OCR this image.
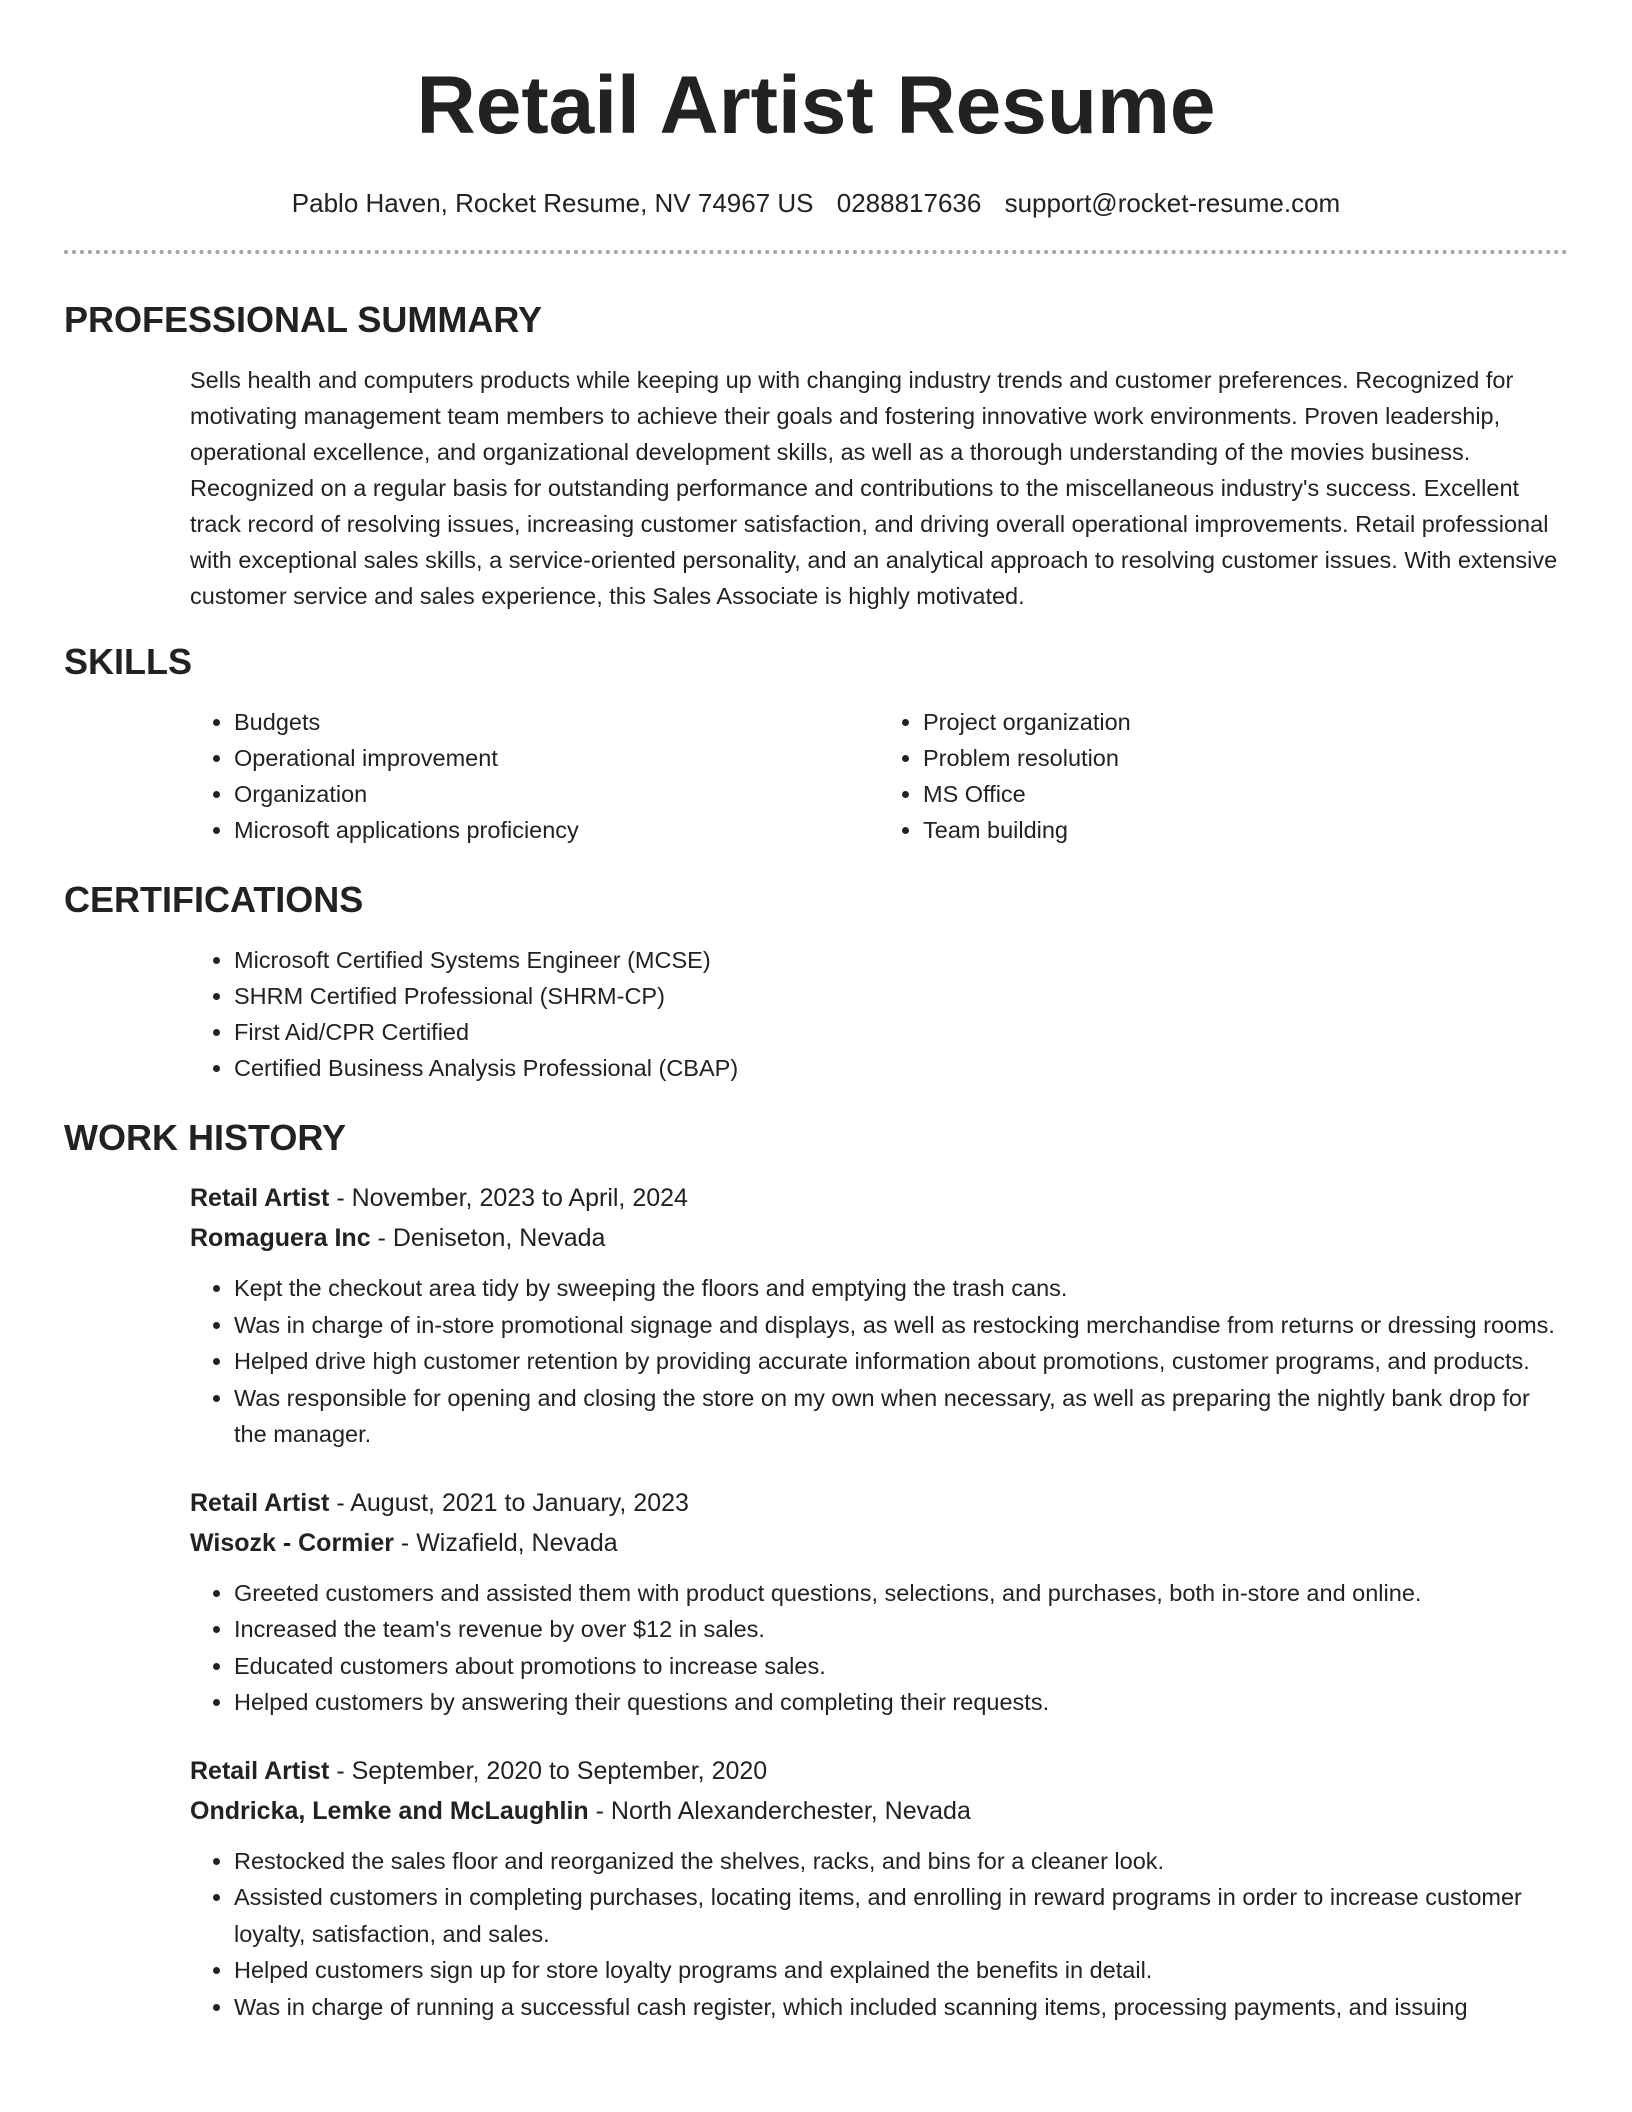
Retail Artist Resume
Pablo Haven, Rocket Resume, NV 74967 US 0288817636 support@rocket-resume.com
PROFESSIONAL SUMMARY

Sells health and computers products while keeping up with changing industry trends and customer preferences. Recognized for motivating management team members to achieve their goals and fostering innovative work environments. Proven leadership, operational excellence, and organizational development skills, as well as a thorough understanding of the movies business. Recognized on a regular basis for outstanding performance and contributions to the miscellaneous industry's success. Excellent track record of resolving issues, increasing customer satisfaction, and driving overall operational improvements. Retail professional with exceptional sales skills, a service-oriented personality, and an analytical approach to resolving customer issues. With extensive customer service and sales experience, this Sales Associate is highly motivated.

SKILLS
• Budgets
• Operational improvement
• Organization
• Microsoft applications proficiency
• Project organization
• Problem resolution
• MS Office
• Team building
CERTIFICATIONS
• Microsoft Certified Systems Engineer (MCSE)
• SHRM Certified Professional (SHRM-CP)
• First Aid/CPR Certified
• Certified Business Analysis Professional (CBAP)
WORK HISTORY
Retail Artist - November, 2023 to April, 2024
Romaguera Inc - Deniseton, Nevada
• Kept the checkout area tidy by sweeping the floors and emptying the trash cans.
• Was in charge of in-store promotional signage and displays, as well as restocking merchandise from returns or dressing rooms.
• Helped drive high customer retention by providing accurate information about promotions, customer programs, and products.
• Was responsible for opening and closing the store on my own when necessary, as well as preparing the nightly bank drop for the manager.
Retail Artist - August, 2021 to January, 2023
Wisozk - Cormier - Wizafield, Nevada
• Greeted customers and assisted them with product questions, selections, and purchases, both in-store and online.
• Increased the team's revenue by over $12 in sales.
• Educated customers about promotions to increase sales.
• Helped customers by answering their questions and completing their requests.
Retail Artist - September, 2020 to September, 2020
Ondricka, Lemke and McLaughlin - North Alexanderchester, Nevada
• Restocked the sales floor and reorganized the shelves, racks, and bins for a cleaner look.
• Assisted customers in completing purchases, locating items, and enrolling in reward programs in order to increase customer loyalty, satisfaction, and sales.
• Helped customers sign up for store loyalty programs and explained the benefits in detail.
• Was in charge of running a successful cash register, which included scanning items, processing payments, and issuing
